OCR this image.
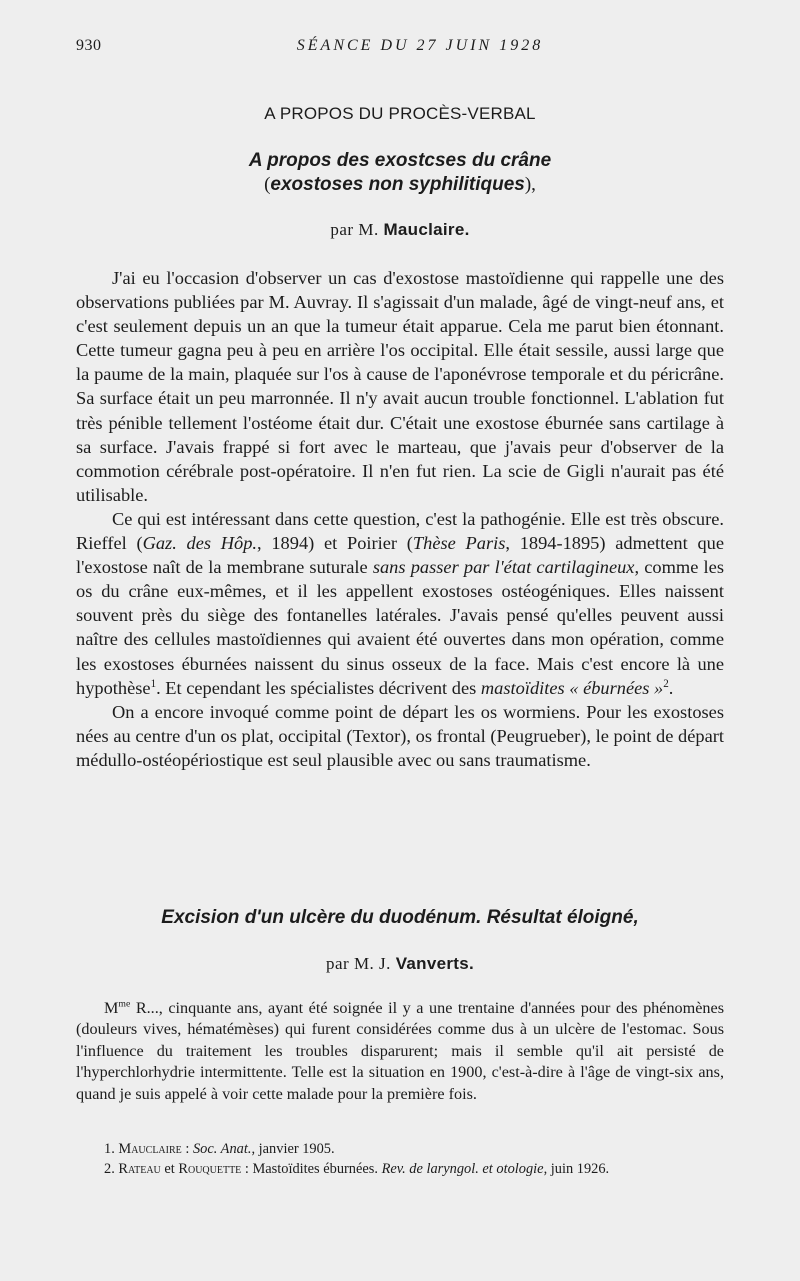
930	SÉANCE DU 27 JUIN 1928
A PROPOS DU PROCÈS-VERBAL
A propos des exostcses du crâne
(exostoses non syphilitiques),
par M. Mauclaire.

J'ai eu l'occasion d'observer un cas d'exostose mastoïdienne qui rappelle une des observations publiées par M. Auvray. Il s'agissait d'un malade, âgé de vingt-neuf ans, et c'est seulement depuis un an que la tumeur était apparue. Cela me parut bien étonnant. Cette tumeur gagna peu à peu en arrière l'os occipital. Elle était sessile, aussi large que la paume de la main, plaquée sur l'os à cause de l'aponévrose temporale et du péricrâne. Sa surface était un peu marronnée. Il n'y avait aucun trouble fonctionnel. L'ablation fut très pénible tellement l'ostéome était dur. C'était une exostose éburnée sans cartilage à sa surface. J'avais frappé si fort avec le marteau, que j'avais peur d'observer de la commotion cérébrale post-opératoire. Il n'en fut rien. La scie de Gigli n'aurait pas été utilisable.

Ce qui est intéressant dans cette question, c'est la pathogénie. Elle est très obscure. Rieffel (Gaz. des Hôp., 1894) et Poirier (Thèse Paris, 1894-1895) admettent que l'exostose naît de la membrane suturale sans passer par l'état cartilagineux, comme les os du crâne eux-mêmes, et il les appellent exostoses ostéogéniques. Elles naissent souvent près du siège des fontanelles latérales. J'avais pensé qu'elles peuvent aussi naître des cellules mastoïdiennes qui avaient été ouvertes dans mon opération, comme les exostoses éburnées naissent du sinus osseux de la face. Mais c'est encore là une hypothèse$^1$. Et cependant les spécialistes décrivent des mastoïdites « éburnées »$^2$.

On a encore invoqué comme point de départ les os wormiens. Pour les exostoses nées au centre d'un os plat, occipital (Textor), os frontal (Peugrueber), le point de départ médullo-ostéopériostique est seul plausible avec ou sans traumatisme.

Excision d'un ulcère du duodénum. Résultat éloigné,
par M. J. Vanverts.

$M^{me}$ R..., cinquante ans, ayant été soignée il y a une trentaine d'années pour des phénomènes (douleurs vives, hématémèses) qui furent considérées comme dus à un ulcère de l'estomac. Sous l'influence du traitement les troubles disparurent; mais il semble qu'il ait persisté de l'hyperchlorhydrie intermittente. Telle est la situation en 1900, c'est-à-dire à l'âge de vingt-six ans, quand je suis appelé à voir cette malade pour la première fois.

1. Mauclaire : Soc. Anat., janvier 1905.
2. Rateau et Rouquette : Mastoïdites éburnées. Rev. de laryngol. et otologie, juin 1926.
